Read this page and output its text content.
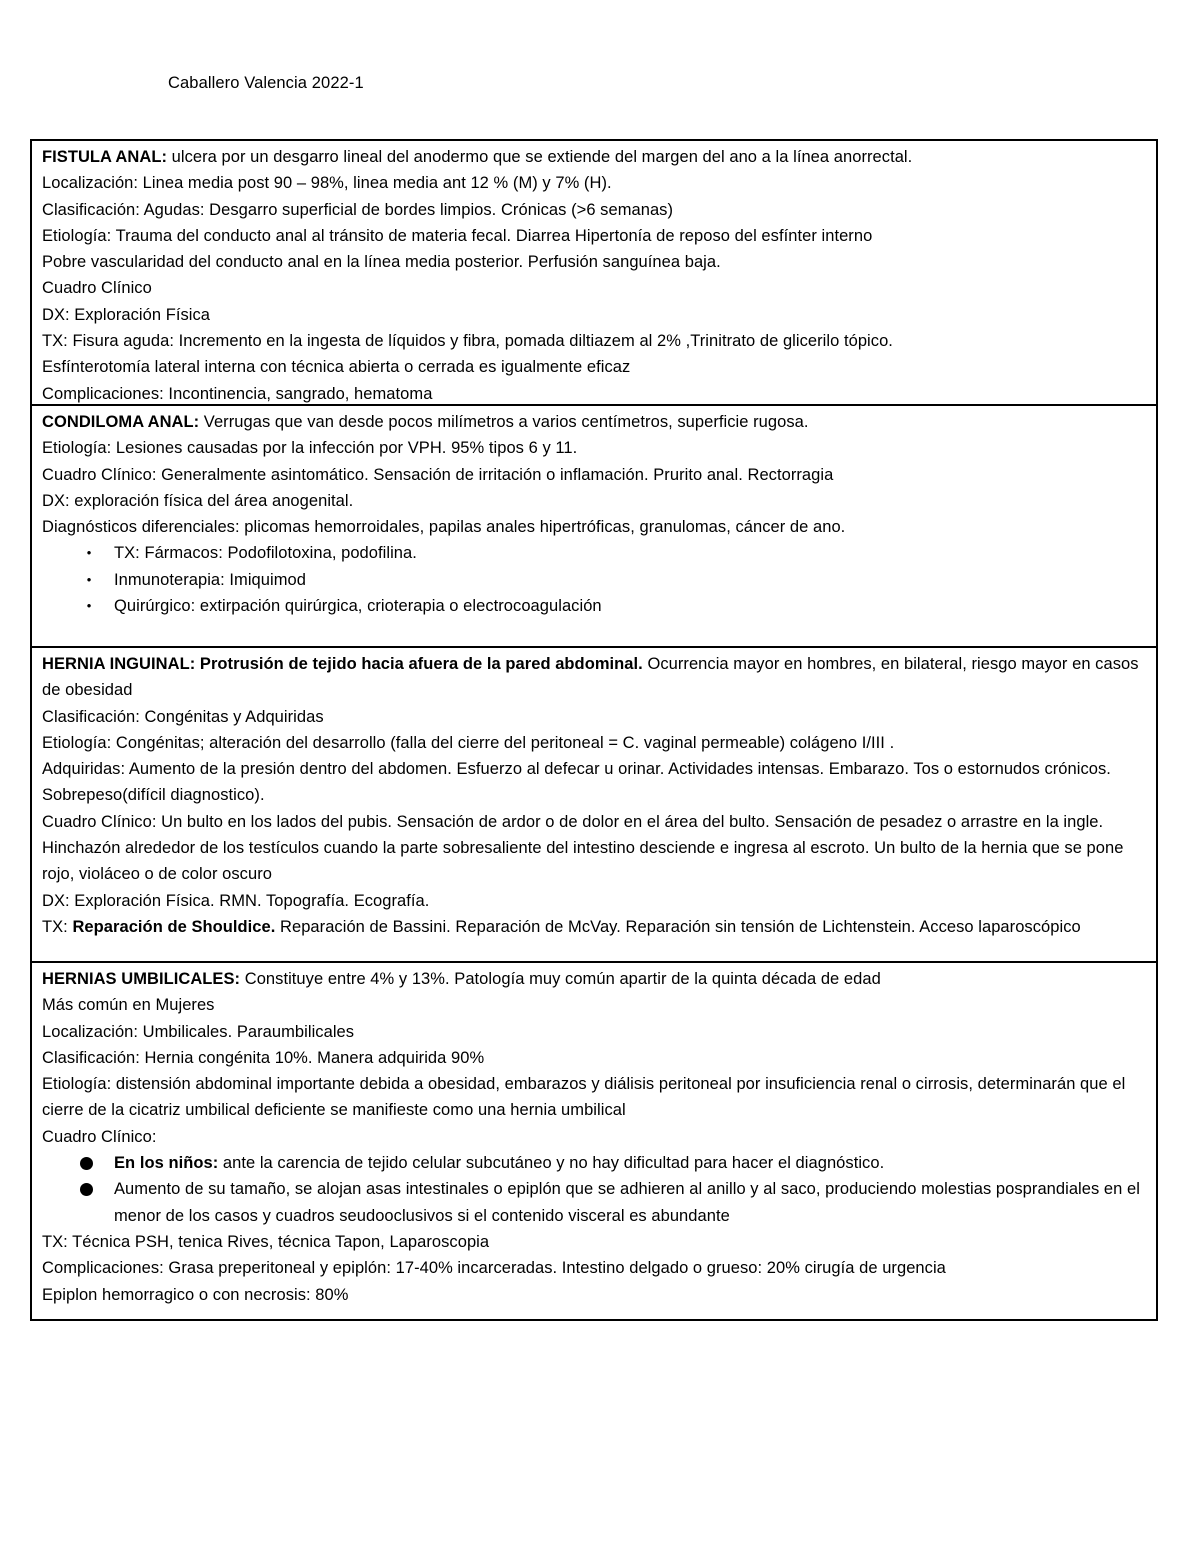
Caballero Valencia 2022-1
FISTULA ANAL: ulcera por un desgarro lineal del anodermo que se extiende del margen del ano a la línea anorrectal.
Localización: Linea media post 90 – 98%, linea media ant 12 % (M) y 7% (H).
Clasificación: Agudas: Desgarro superficial de bordes limpios. Crónicas (>6 semanas)
Etiología: Trauma del conducto anal al tránsito de materia fecal. Diarrea Hipertonía de reposo del esfínter interno
Pobre vascularidad del conducto anal en la línea media posterior. Perfusión sanguínea baja.
Cuadro Clínico
DX: Exploración Física
TX: Fisura aguda: Incremento en la ingesta de líquidos y fibra, pomada diltiazem al 2% ,Trinitrato de glicerilo tópico.
Esfínterotomía lateral interna con técnica abierta o cerrada es igualmente eficaz
Complicaciones: Incontinencia, sangrado, hematoma
CONDILOMA ANAL: Verrugas que van desde pocos milímetros a varios centímetros, superficie rugosa.
Etiología: Lesiones causadas por la infección por VPH. 95% tipos 6 y 11.
Cuadro Clínico: Generalmente asintomático. Sensación de irritación o inflamación. Prurito anal. Rectorragia
DX: exploración física del área anogenital.
Diagnósticos diferenciales: plicomas hemorroidales, papilas anales hipertróficas, granulomas, cáncer de ano.
• TX: Fármacos: Podofilotoxina, podofilina.
• Inmunoterapia: Imiquimod
• Quirúrgico: extirpación quirúrgica, crioterapia o electrocoagulación
HERNIA INGUINAL: Protrusión de tejido hacia afuera de la pared abdominal. Ocurrencia mayor en hombres, en bilateral, riesgo mayor en casos de obesidad
Clasificación: Congénitas y Adquiridas
Etiología: Congénitas; alteración del desarrollo (falla del cierre del peritoneal = C. vaginal permeable) colágeno I/III .
Adquiridas: Aumento de la presión dentro del abdomen. Esfuerzo al defecar u orinar. Actividades intensas. Embarazo. Tos o estornudos crónicos. Sobrepeso(difícil diagnostico).
Cuadro Clínico: Un bulto en los lados del pubis. Sensación de ardor o de dolor en el área del bulto. Sensación de pesadez o arrastre en la ingle. Hinchazón alrededor de los testículos cuando la parte sobresaliente del intestino desciende e ingresa al escroto. Un bulto de la hernia que se pone rojo, violáceo o de color oscuro
DX: Exploración Física. RMN. Topografía. Ecografía.
TX: Reparación de Shouldice. Reparación de Bassini. Reparación de McVay. Reparación sin tensión de Lichtenstein. Acceso laparoscópico
HERNIAS UMBILICALES: Constituye entre 4% y 13%. Patología muy común apartir de la quinta década de edad
Más común en Mujeres
Localización: Umbilicales. Paraumbilicales
Clasificación: Hernia congénita 10%. Manera adquirida 90%
Etiología: distensión abdominal importante debida a obesidad, embarazos y diálisis peritoneal por insuficiencia renal o cirrosis, determinarán que el cierre de la cicatriz umbilical deficiente se manifieste como una hernia umbilical
Cuadro Clínico:
En los niños: ante la carencia de tejido celular subcutáneo y no hay dificultad para hacer el diagnóstico.
Aumento de su tamaño, se alojan asas intestinales o epiplón que se adhieren al anillo y al saco, produciendo molestias posprandiales en el menor de los casos y cuadros seudooclusivos si el contenido visceral es abundante
TX: Técnica PSH, tenica Rives, técnica Tapon, Laparoscopia
Complicaciones: Grasa preperitoneal y epiplón: 17-40% incarceradas. Intestino delgado o grueso: 20% cirugía de urgencia
Epiplon hemorragico o con necrosis: 80%
